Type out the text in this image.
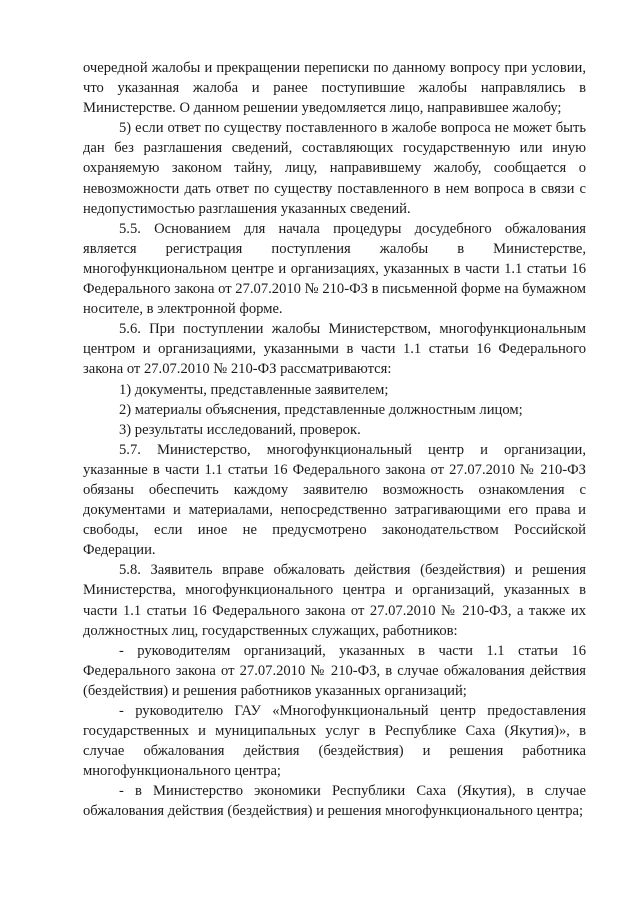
очередной жалобы и прекращении переписки по данному вопросу при условии, что указанная жалоба и ранее поступившие жалобы направлялись в Министерстве. О данном решении уведомляется лицо, направившее жалобу;

5) если ответ по существу поставленного в жалобе вопроса не может быть дан без разглашения сведений, составляющих государственную или иную охраняемую законом тайну, лицу, направившему жалобу, сообщается о невозможности дать ответ по существу поставленного в нем вопроса в связи с недопустимостью разглашения указанных сведений.

5.5. Основанием для начала процедуры досудебного обжалования является регистрация поступления жалобы в Министерстве, многофункциональном центре и организациях, указанных в части 1.1 статьи 16 Федерального закона от 27.07.2010 № 210-ФЗ в письменной форме на бумажном носителе, в электронной форме.

5.6. При поступлении жалобы Министерством, многофункциональным центром и организациями, указанными в части 1.1 статьи 16 Федерального закона от 27.07.2010 № 210-ФЗ рассматриваются:

1) документы, представленные заявителем;

2) материалы объяснения, представленные должностным лицом;

3) результаты исследований, проверок.

5.7. Министерство, многофункциональный центр и организации, указанные в части 1.1 статьи 16 Федерального закона от 27.07.2010 № 210-ФЗ обязаны обеспечить каждому заявителю возможность ознакомления с документами и материалами, непосредственно затрагивающими его права и свободы, если иное не предусмотрено законодательством Российской Федерации.

5.8. Заявитель вправе обжаловать действия (бездействия) и решения Министерства, многофункционального центра и организаций, указанных в части 1.1 статьи 16 Федерального закона от 27.07.2010 № 210-ФЗ, а также их должностных лиц, государственных служащих, работников:

- руководителям организаций, указанных в части 1.1 статьи 16 Федерального закона от 27.07.2010 № 210-ФЗ, в случае обжалования действия (бездействия) и решения работников указанных организаций;

- руководителю ГАУ «Многофункциональный центр предоставления государственных и муниципальных услуг в Республике Саха (Якутия)», в случае обжалования действия (бездействия) и решения работника многофункционального центра;

- в Министерство экономики Республики Саха (Якутия), в случае обжалования действия (бездействия) и решения многофункционального центра;
